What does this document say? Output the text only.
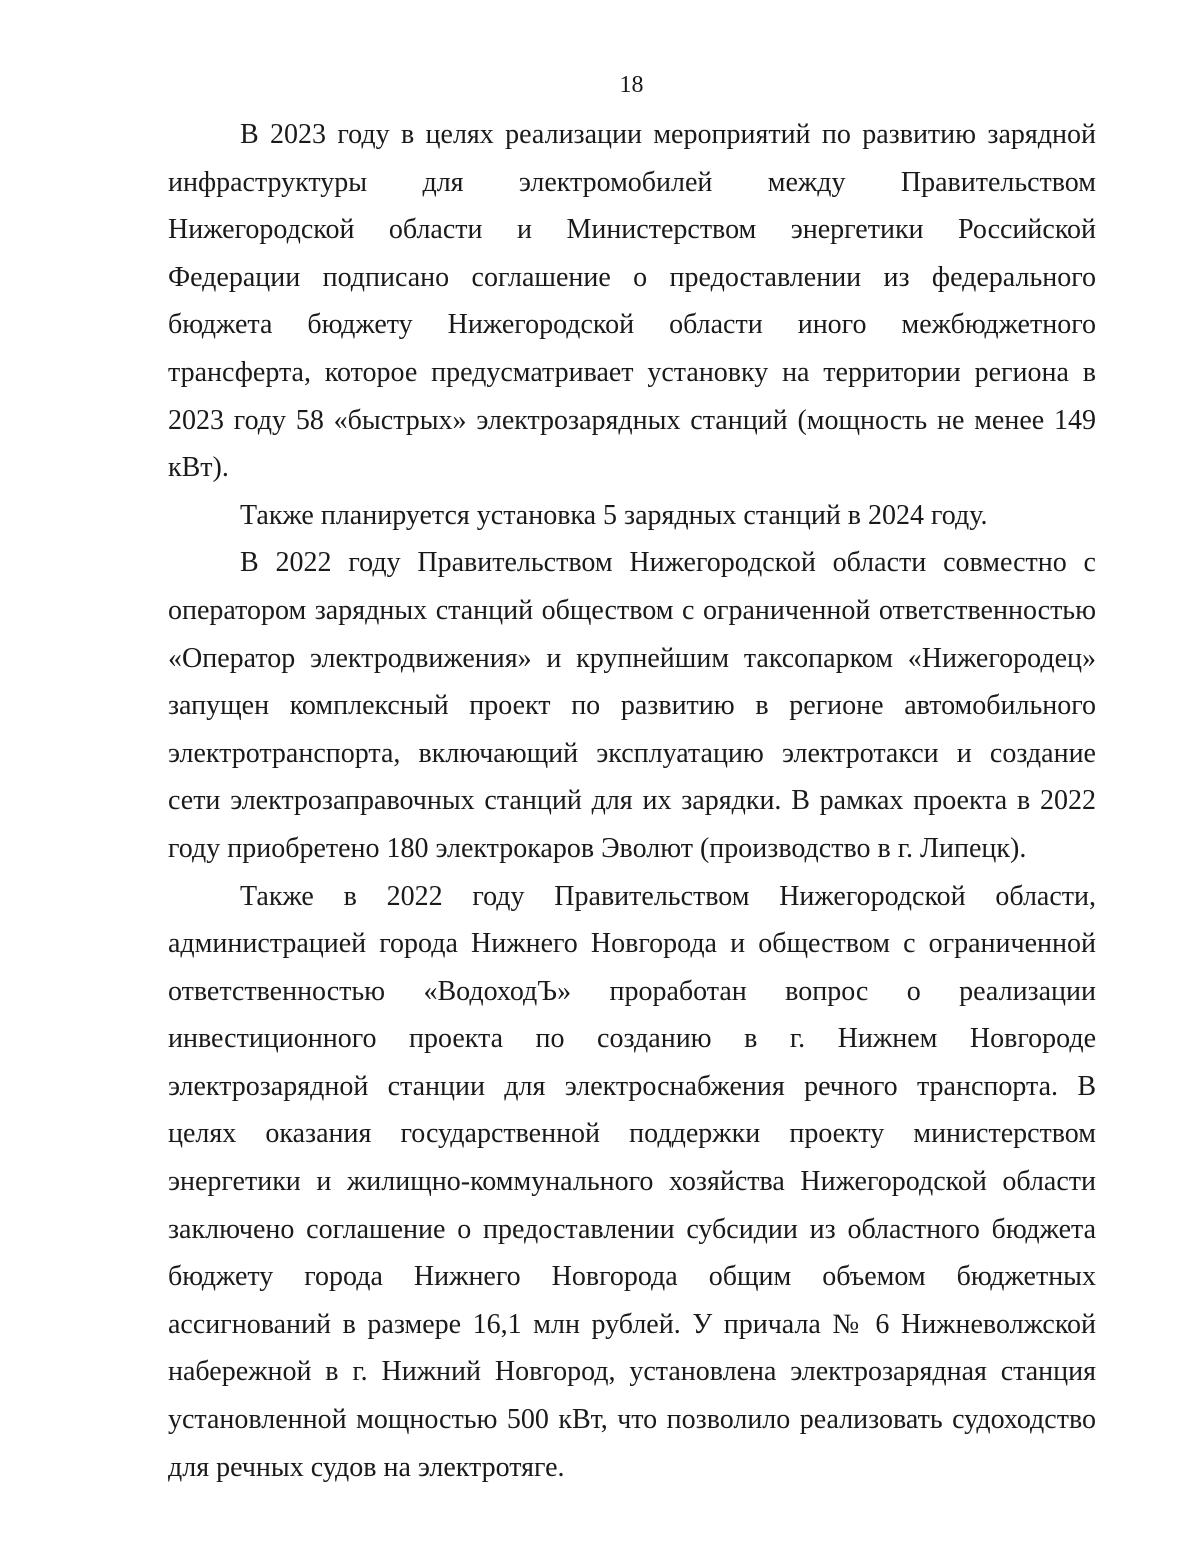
18

В 2023 году в целях реализации мероприятий по развитию зарядной инфраструктуры для электромобилей между Правительством Нижегородской области и Министерством энергетики Российской Федерации подписано соглашение о предоставлении из федерального бюджета бюджету Нижегородской области иного межбюджетного трансферта, которое предусматривает установку на территории региона в 2023 году 58 «быстрых» электрозарядных станций (мощность не менее 149 кВт).

Также планируется установка 5 зарядных станций в 2024 году.

В 2022 году Правительством Нижегородской области совместно с оператором зарядных станций обществом с ограниченной ответственностью «Оператор электродвижения» и крупнейшим таксопарком «Нижегородец» запущен комплексный проект по развитию в регионе автомобильного электротранспорта, включающий эксплуатацию электротакси и создание сети электрозаправочных станций для их зарядки. В рамках проекта в 2022 году приобретено 180 электрокаров Эволют (производство в г. Липецк).

Также в 2022 году Правительством Нижегородской области, администрацией города Нижнего Новгорода и обществом с ограниченной ответственностью «ВодоходЪ» проработан вопрос о реализации инвестиционного проекта по созданию в г. Нижнем Новгороде электрозарядной станции для электроснабжения речного транспорта. В целях оказания государственной поддержки проекту министерством энергетики и жилищно-коммунального хозяйства Нижегородской области заключено соглашение о предоставлении субсидии из областного бюджета бюджету города Нижнего Новгорода общим объемом бюджетных ассигнований в размере 16,1 млн рублей. У причала № 6 Нижневолжской набережной в г. Нижний Новгород, установлена электрозарядная станция установленной мощностью 500 кВт, что позволило реализовать судоходство для речных судов на электротяге.
